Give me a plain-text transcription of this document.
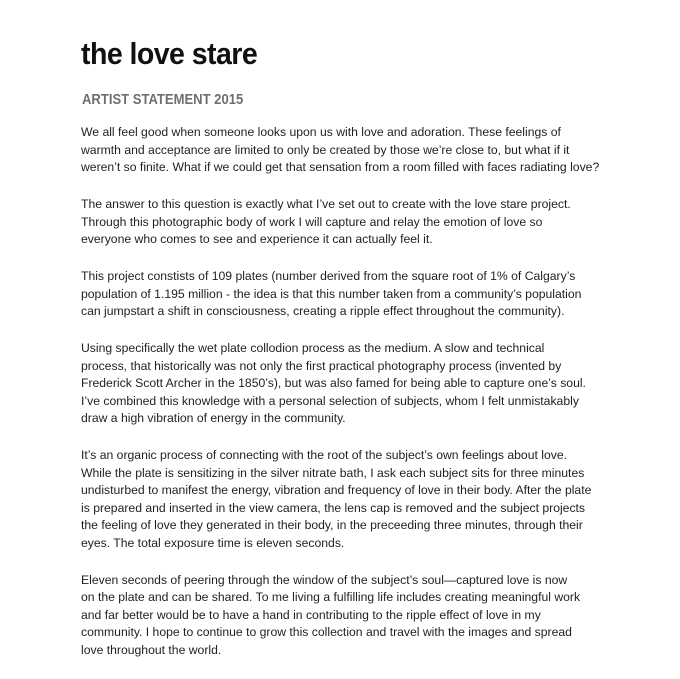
the love stare
ARTIST STATEMENT 2015

We all feel good when someone looks upon us with love and adoration. These feelings of
warmth and acceptance are limited to only be created by those we’re close to, but what if it
weren’t so finite. What if we could get that sensation from a room filled with faces radiating love?

The answer to this question is exactly what I’ve set out to create with the love stare project.
Through this photographic body of work I will capture and relay the emotion of love so
everyone who comes to see and experience it can actually feel it.

This project constists of 109 plates (number derived from the square root of 1% of Calgary’s
population of 1.195 million - the idea is that this number taken from a community’s population
can jumpstart a shift in consciousness, creating a ripple effect throughout the community).

Using specifically the wet plate collodion process as the medium. A slow and technical
process, that historically was not only the first practical photography process (invented by
Frederick Scott Archer in the 1850’s), but was also famed for being able to capture one’s soul.
I’ve combined this knowledge with a personal selection of subjects, whom I felt unmistakably
draw a high vibration of energy in the community.

It’s an organic process of connecting with the root of the subject’s own feelings about love.
While the plate is sensitizing in the silver nitrate bath, I ask each subject sits for three minutes
undisturbed to manifest the energy, vibration and frequency of love in their body. After the plate
is prepared and inserted in the view camera, the lens cap is removed and the subject projects
the feeling of love they generated in their body, in the preceeding three minutes, through their
eyes. The total exposure time is eleven seconds.

Eleven seconds of peering through the window of the subject’s soul—captured love is now
on the plate and can be shared. To me living a fulfilling life includes creating meaningful work
and far better would be to have a hand in contributing to the ripple effect of love in my
community. I hope to continue to grow this collection and travel with the images and spread
love throughout the world.
